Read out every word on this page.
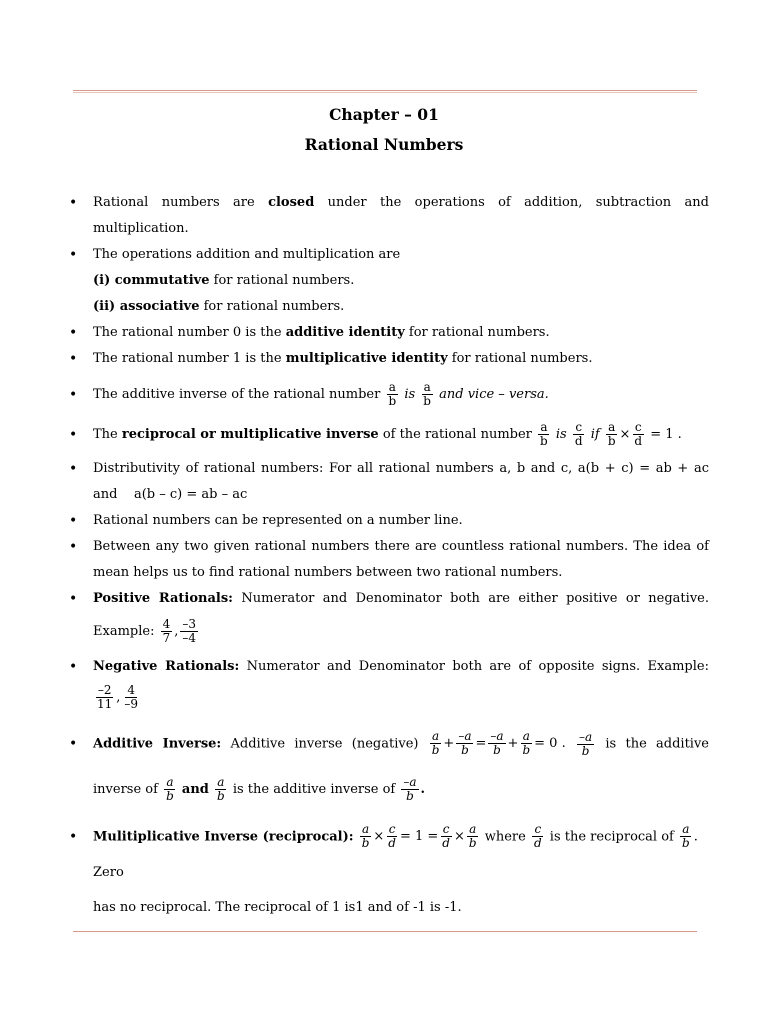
Chapter – 01
Rational Numbers
• Rational numbers are closed under the operations of addition, subtraction and
multiplication.
• The operations addition and multiplication are
(i) commutative for rational numbers.
(ii) associative for rational numbers.
• The rational number 0 is the additive identity for rational numbers.
• The rational number 1 is the multiplicative identity for rational numbers.
• The additive inverse of the rational number $\frac{a}{b}$ is $\frac{a}{b}$ and vice – versa.
• The reciprocal or multiplicative inverse of the rational number $\frac{a}{b}$ is $\frac{c}{d}$ if $\frac{a}{b} \times \frac{c}{d} = 1$ .
• Distributivity of rational numbers: For all rational numbers a, b and c, a(b + c) = ab + ac
and    a(b – c) = ab – ac
• Rational numbers can be represented on a number line.
• Between any two given rational numbers there are countless rational numbers. The idea of
mean helps us to find rational numbers between two rational numbers.
• Positive Rationals: Numerator and Denominator both are either positive or negative.
Example: $\frac{4}{7}$ , $\frac{-3}{-4}$
• Negative Rationals: Numerator and Denominator both are of opposite signs. Example:
$\frac{-2}{11}$ , $\frac{4}{-9}$
• Additive Inverse: Additive inverse (negative) $\frac{a}{b} + \frac{-a}{b} = \frac{-a}{b} + \frac{a}{b} = 0$ . $\frac{-a}{b}$ is the additive
inverse of $\frac{a}{b}$ and $\frac{a}{b}$ is the additive inverse of $\frac{-a}{b}$ .
• Mulitiplicative Inverse (reciprocal): $\frac{a}{b} \times \frac{c}{d} = 1 = \frac{c}{d} \times \frac{a}{b}$ where $\frac{c}{d}$ is the reciprocal of $\frac{a}{b}$ . Zero
has no reciprocal. The reciprocal of 1 is1 and of -1 is -1.
